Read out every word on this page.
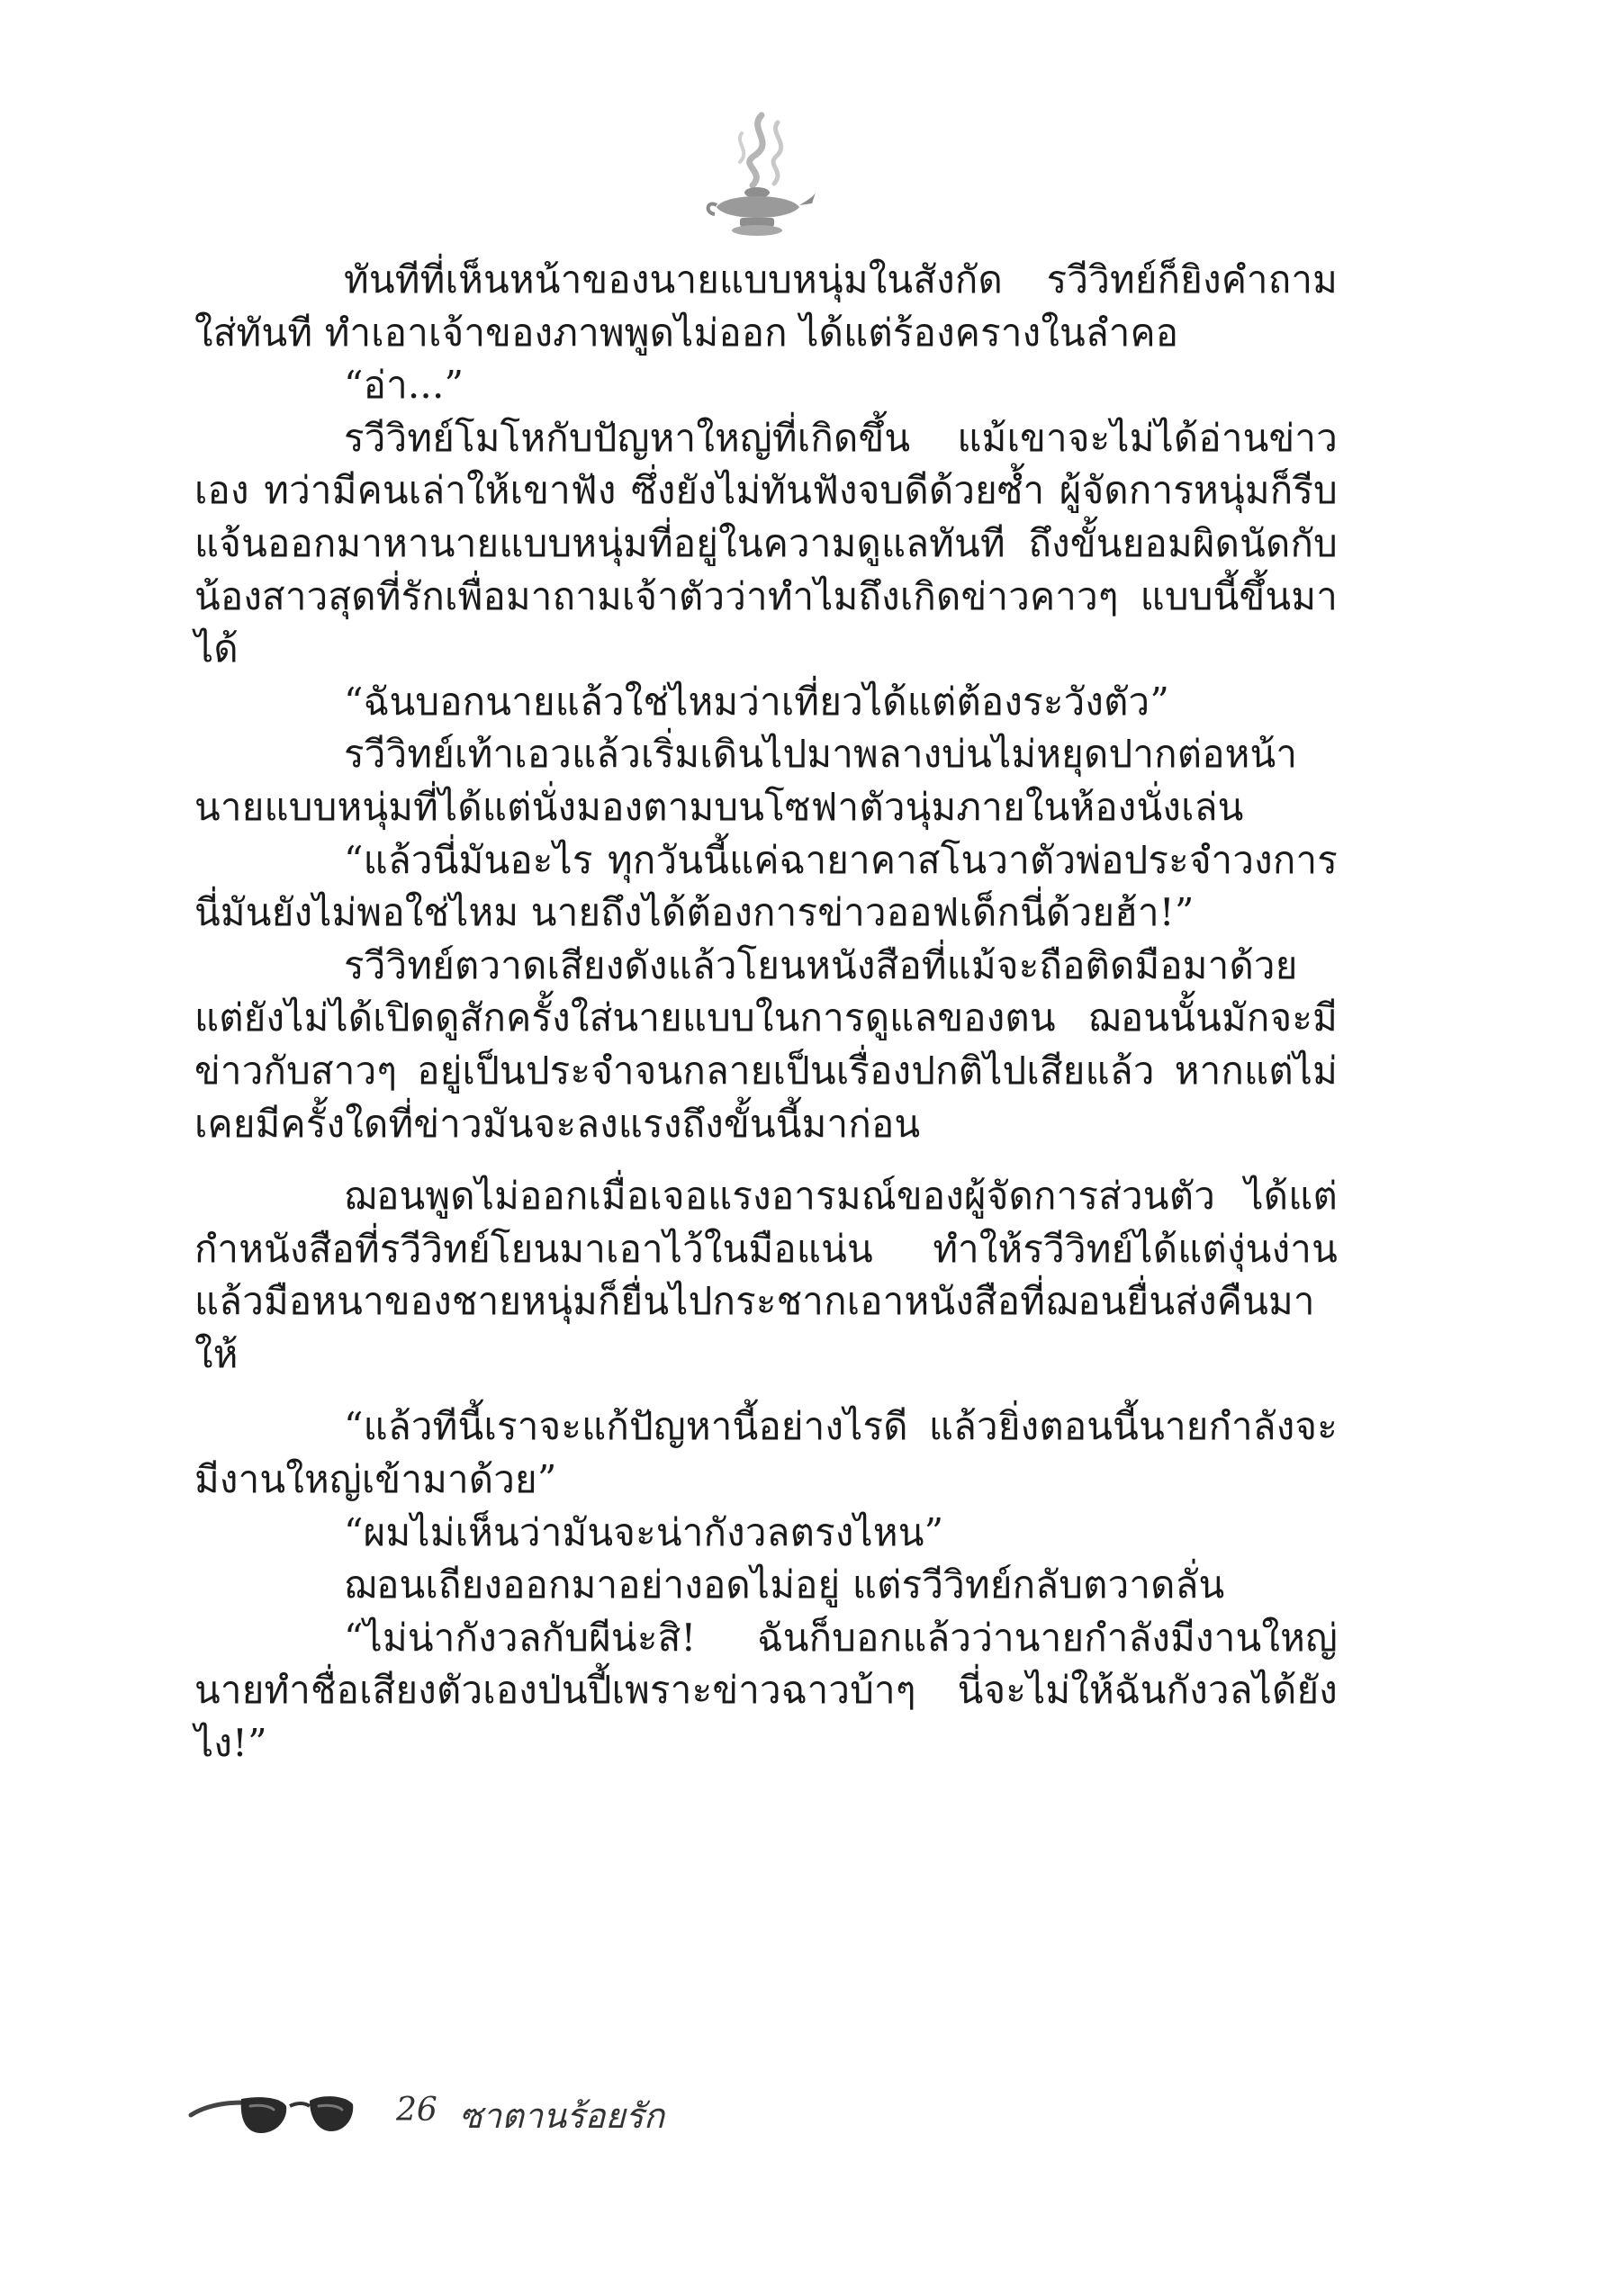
ทันทีที่เห็นหน้าของนายแบบหนุ่มในสังกัด รวีวิทย์ก็ยิงคำถามใส่ทันที ทำเอาเจ้าของภาพพูดไม่ออก ได้แต่ร้องครางในลำคอ

“อ่า...”

รวีวิทย์โมโหกับปัญหาใหญ่ที่เกิดขึ้น แม้เขาจะไม่ได้อ่านข่าวเอง ทว่ามีคนเล่าให้เขาฟัง ซึ่งยังไม่ทันฟังจบดีด้วยซ้ำ ผู้จัดการหนุ่มก็รีบแจ้นออกมาหานายแบบหนุ่มที่อยู่ในความดูแลทันที ถึงขั้นยอมผิดนัดกับน้องสาวสุดที่รักเพื่อมาถามเจ้าตัวว่าทำไมถึงเกิดข่าวคาวๆ แบบนี้ขึ้นมาได้

“ฉันบอกนายแล้วใช่ไหมว่าเที่ยวได้แต่ต้องระวังตัว”

รวีวิทย์เท้าเอวแล้วเริ่มเดินไปมาพลางบ่นไม่หยุดปากต่อหน้านายแบบหนุ่มที่ได้แต่นั่งมองตามบนโซฟาตัวนุ่มภายในห้องนั่งเล่น

“แล้วนี่มันอะไร ทุกวันนี้แค่ฉายาคาสโนวาตัวพ่อประจำวงการนี่มันยังไม่พอใช่ไหม นายถึงได้ต้องการข่าวออฟเด็กนี่ด้วยฮ้า!”

รวีวิทย์ตวาดเสียงดังแล้วโยนหนังสือที่แม้จะถือติดมือมาด้วยแต่ยังไม่ได้เปิดดูสักครั้งใส่นายแบบในการดูแลของตน ฌอนนั้นมักจะมีข่าวกับสาวๆ อยู่เป็นประจำจนกลายเป็นเรื่องปกติไปเสียแล้ว หากแต่ไม่เคยมีครั้งใดที่ข่าวมันจะลงแรงถึงขั้นนี้มาก่อน

ฌอนพูดไม่ออกเมื่อเจอแรงอารมณ์ของผู้จัดการส่วนตัว ได้แต่กำหนังสือที่รวีวิทย์โยนมาเอาไว้ในมือแน่น ทำให้รวีวิทย์ได้แต่งุ่นง่านแล้วมือหนาของชายหนุ่มก็ยื่นไปกระชากเอาหนังสือที่ฌอนยื่นส่งคืนมาให้

“แล้วทีนี้เราจะแก้ปัญหานี้อย่างไรดี แล้วยิ่งตอนนี้นายกำลังจะมีงานใหญ่เข้ามาด้วย”

“ผมไม่เห็นว่ามันจะน่ากังวลตรงไหน”

ฌอนเถียงออกมาอย่างอดไม่อยู่ แต่รวีวิทย์กลับตวาดลั่น

“ไม่น่ากังวลกับผีน่ะสิ! ฉันก็บอกแล้วว่านายกำลังมีงานใหญ่นายทำชื่อเสียงตัวเองป่นปี้เพราะข่าวฉาวบ้าๆ นี่จะไม่ให้ฉันกังวลได้ยังไง!”

26 ซาตานร้อยรัก
